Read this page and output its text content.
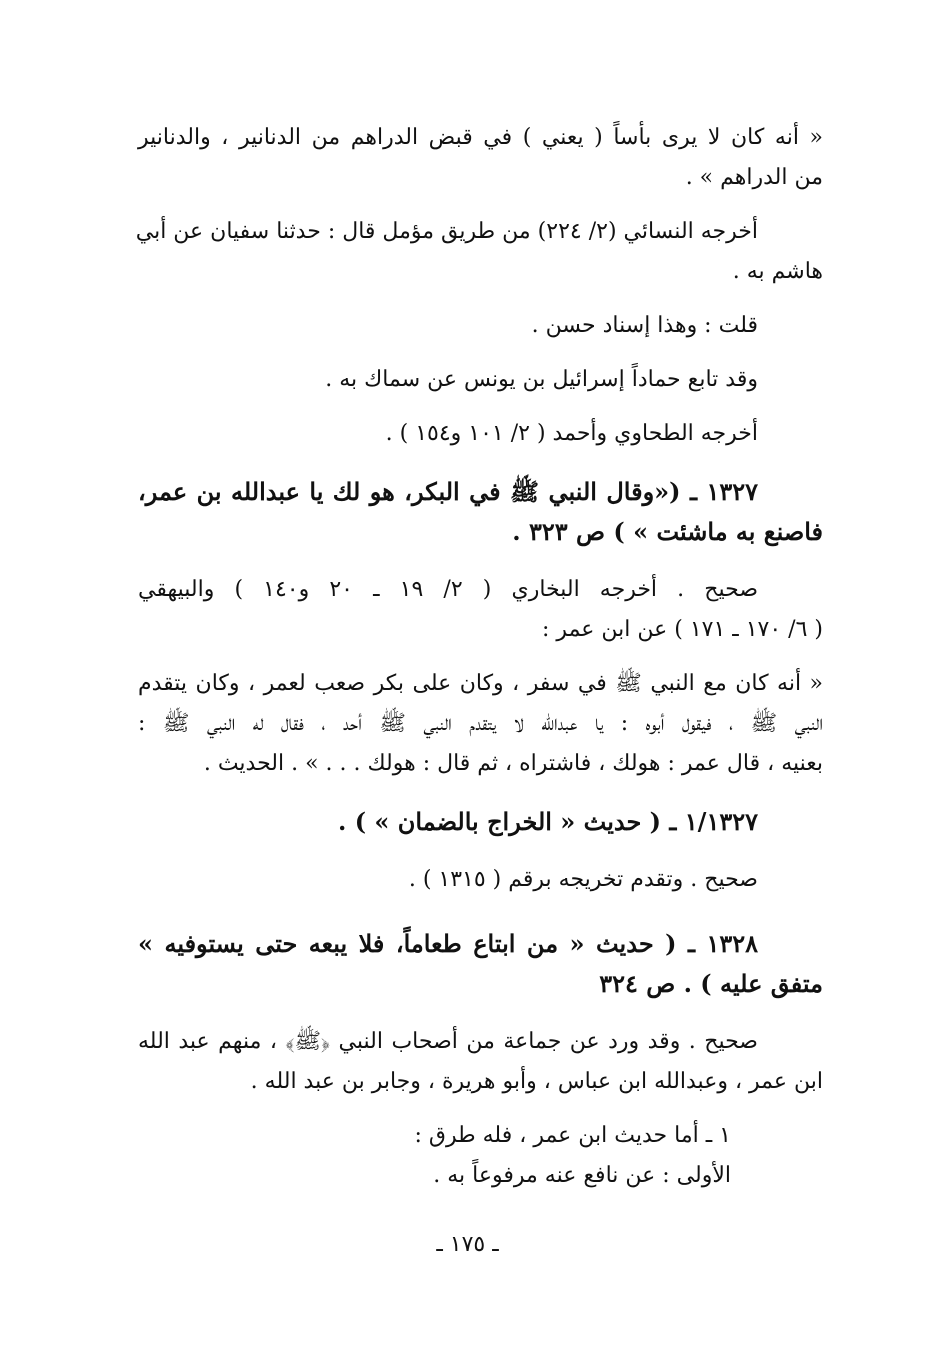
« أنه كان لا يرى بأساً ( يعني ) في قبض الدراهم من الدنانير ، والدنانير
من الدراهم » .
أخرجه النسائي (٢/ ٢٢٤) من طريق مؤمل قال : حدثنا سفيان عن أبي
هاشم به .
قلت : وهذا إسناد حسن .
وقد تابع حماداً إسرائيل بن يونس عن سماك به .
أخرجه الطحاوي وأحمد ( ٢/ ١٠١ و١٥٤ ) .
١٣٢٧ ـ («وقال النبي ﷺ في البكر، هو لك يا عبدالله بن عمر،
فاصنع به ماشئت » ) ص ٣٢٣ .
صحيح . أخرجه البخاري ( ٢/ ١٩ ـ ٢٠ و١٤٠ ) والبيهقي
( ٦/ ١٧٠ ـ ١٧١ ) عن ابن عمر :
« أنه كان مع النبي ﷺ في سفر ، وكان على بكر صعب لعمر ، وكان يتقدم
النبي ﷺ ، فيقول أبوه : يا عبدالله لا يتقدم النبي ﷺ أحد ، فقال له النبي ﷺ :
بعنيه ، قال عمر : هولك ، فاشتراه ، ثم قال : هولك . . . » . الحديث .
١/١٣٢٧ ـ ( حديث « الخراج بالضمان » ) .
صحيح . وتقدم تخريجه برقم ( ١٣١٥ ) .
١٣٢٨ ـ ( حديث « من ابتاع طعاماً، فلا يبعه حتى يستوفيه »
متفق عليه ) . ص ٣٢٤
صحيح . وقد ورد عن جماعة من أصحاب النبي ﴿ﷺ﴾ ، منهم عبد الله
ابن عمر ، وعبدالله ابن عباس ، وأبو هريرة ، وجابر بن عبد الله .
١ ـ أما حديث ابن عمر ، فله طرق :
الأولى : عن نافع عنه مرفوعاً به .
ـ ١٧٥ ـ
